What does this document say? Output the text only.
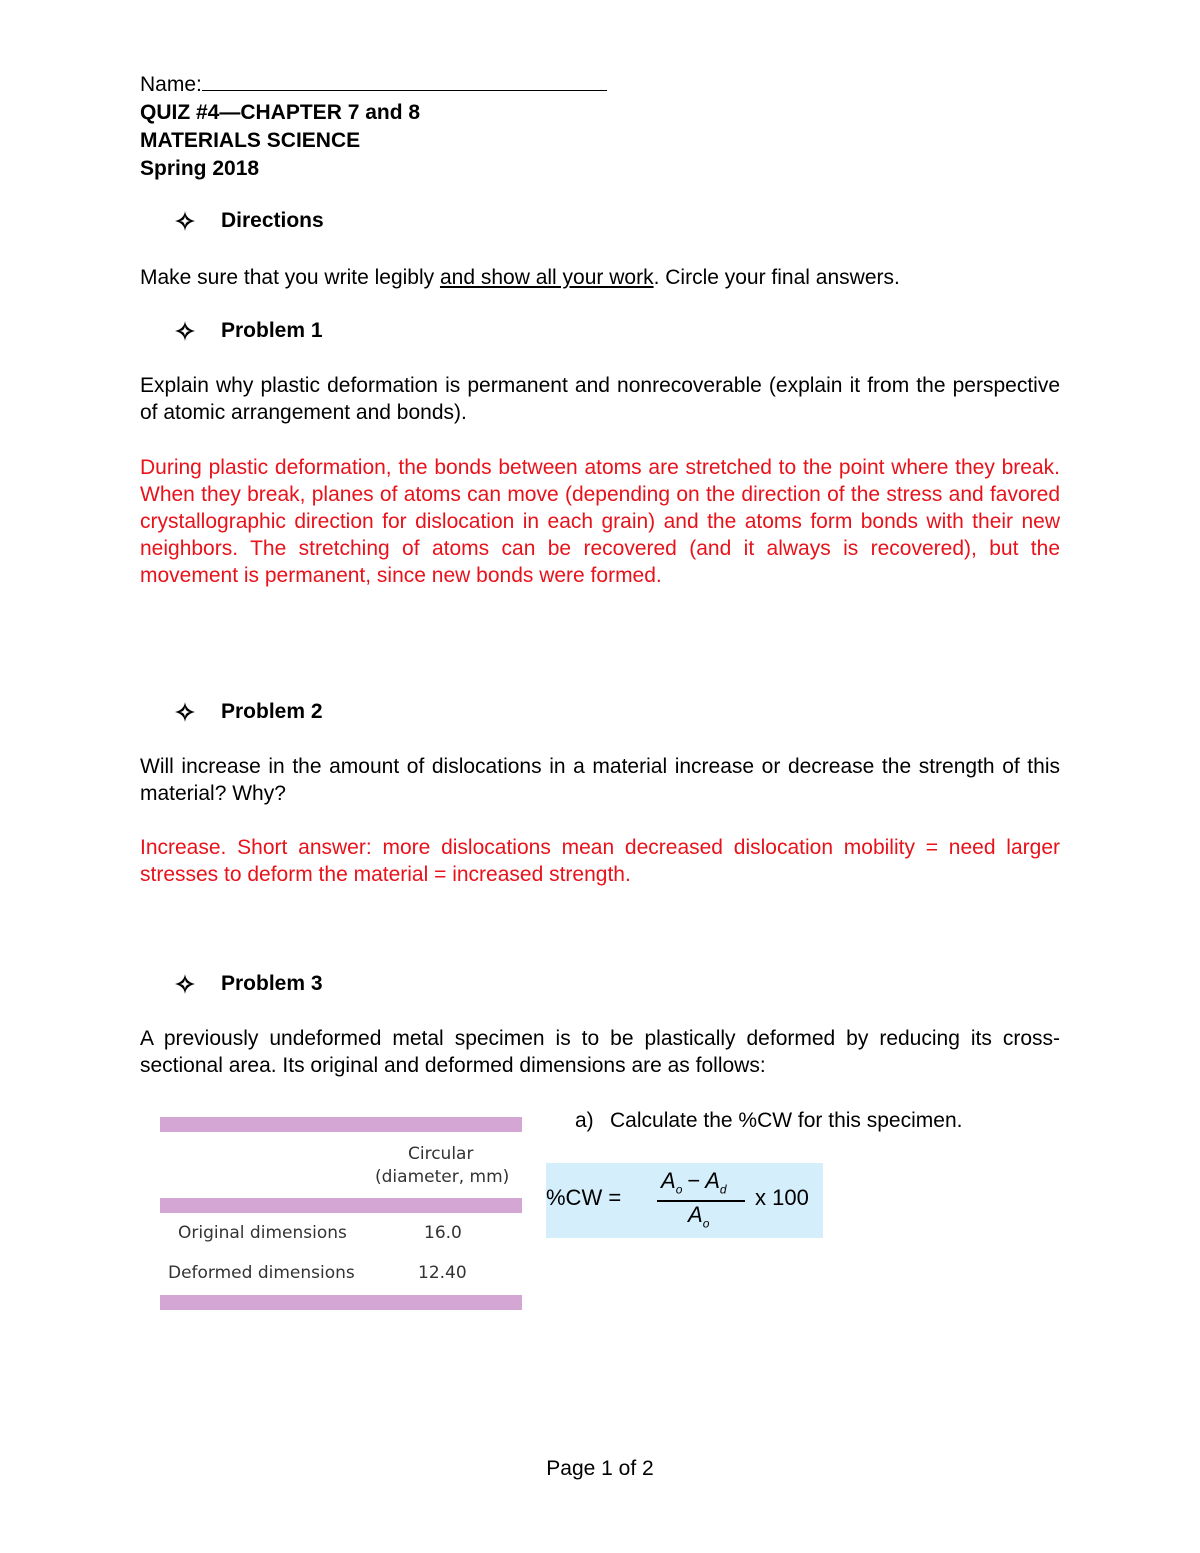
Name:
QUIZ #4—CHAPTER 7 and 8
MATERIALS SCIENCE
Spring 2018
Directions
Make sure that you write legibly and show all your work. Circle your final answers.
Problem 1
Explain why plastic deformation is permanent and nonrecoverable (explain it from the perspective of atomic arrangement and bonds).
During plastic deformation, the bonds between atoms are stretched to the point where they break. When they break, planes of atoms can move (depending on the direction of the stress and favored crystallographic direction for dislocation in each grain) and the atoms form bonds with their new neighbors. The stretching of atoms can be recovered (and it always is recovered), but the movement is permanent, since new bonds were formed.
Problem 2
Will increase in the amount of dislocations in a material increase or decrease the strength of this material? Why?
Increase. Short answer: more dislocations mean decreased dislocation mobility = need larger stresses to deform the material = increased strength.
Problem 3
A previously undeformed metal specimen is to be plastically deformed by reducing its cross-sectional area. Its original and deformed dimensions are as follows:
Circular
(diameter, mm)
Original dimensions	16.0
Deformed dimensions	12.40
a) Calculate the %CW for this specimen.
%CW =
$A_o - A_d$
$A_o$
x 100
Page 1 of 2
